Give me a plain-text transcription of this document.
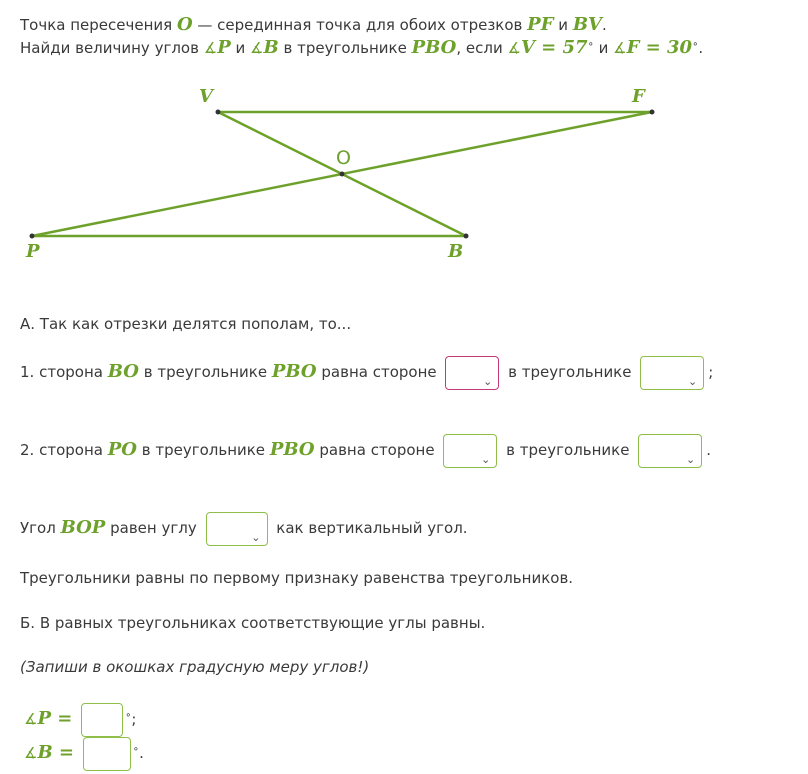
Точка пересечения O — серединная точка для обоих отрезков PF и BV.
Найди величину углов ∡P и ∡B в треугольнике PBO, если ∡V = 57∘ и ∡F = 30∘.
V	F
O
P	B
А. Так как отрезки делятся пополам, то...
1. сторона BO в треугольнике PBO равна стороне	⌄ в треугольнике	⌄ ;
2. сторона PO в треугольнике PBO равна стороне	⌄ в треугольнике	⌄ .
Угол BOP равен углу	⌄ как вертикальный угол.
Треугольники равны по первому признаку равенства треугольников.
Б. В равных треугольниках соответствующие углы равны.
(Запиши в окошках градусную меру углов!)
∡P =	∘;
∡B =	∘.
